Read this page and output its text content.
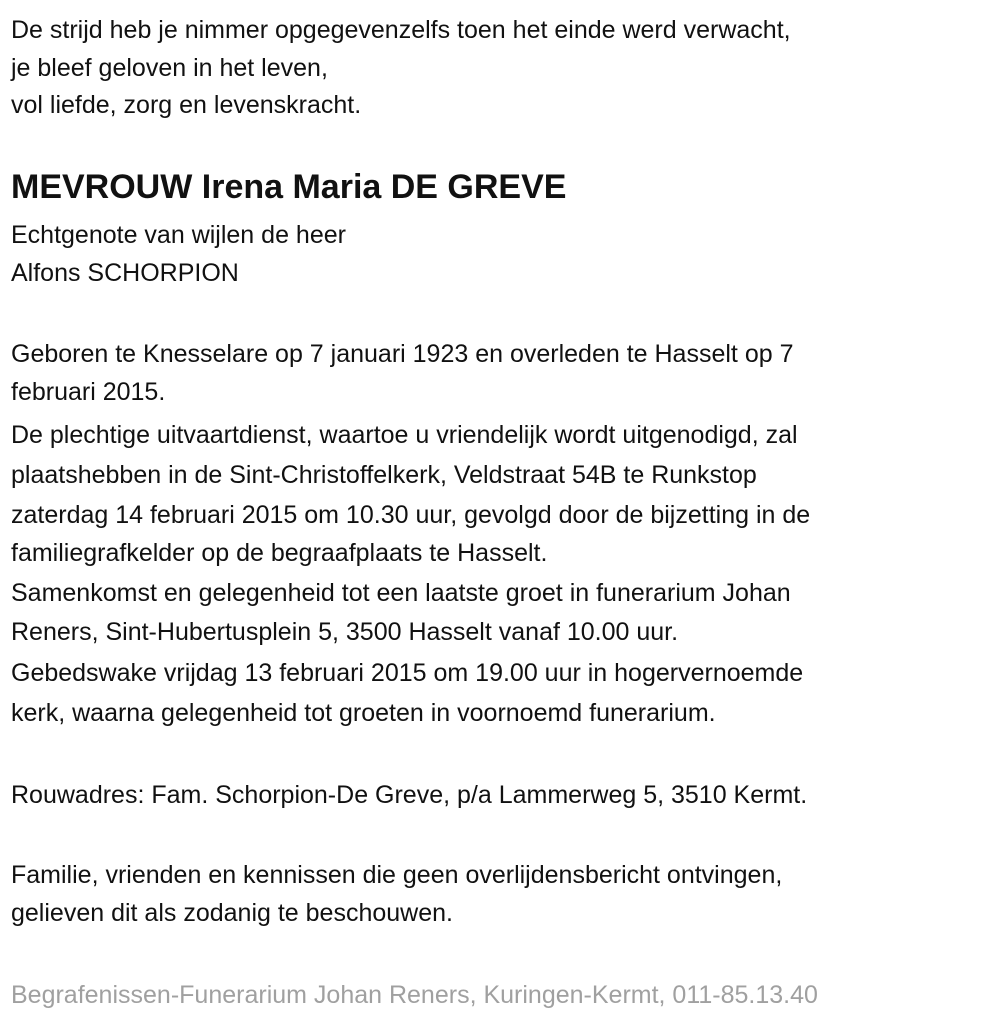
De strijd heb je nimmer opgegevenzelfs toen het einde werd verwacht,
je bleef geloven in het leven,
vol liefde, zorg en levenskracht.
MEVROUW Irena Maria DE GREVE
Echtgenote van wijlen de heer
Alfons SCHORPION
Geboren te Knesselare op 7 januari 1923 en overleden te Hasselt op 7
februari 2015.
De plechtige uitvaartdienst, waartoe u vriendelijk wordt uitgenodigd, zal
plaatshebben in de Sint-Christoffelkerk, Veldstraat 54B te Runkstop
zaterdag 14 februari 2015 om 10.30 uur, gevolgd door de bijzetting in de
familiegrafkelder op de begraafplaats te Hasselt.
Samenkomst en gelegenheid tot een laatste groet in funerarium Johan
Reners, Sint-Hubertusplein 5, 3500 Hasselt vanaf 10.00 uur.
Gebedswake vrijdag 13 februari 2015 om 19.00 uur in hogervernoemde
kerk, waarna gelegenheid tot groeten in voornoemd funerarium.
Rouwadres: Fam. Schorpion-De Greve, p/a Lammerweg 5, 3510 Kermt.
Familie, vrienden en kennissen die geen overlijdensbericht ontvingen,
gelieven dit als zodanig te beschouwen.
Begrafenissen-Funerarium Johan Reners, Kuringen-Kermt, 011-85.13.40
